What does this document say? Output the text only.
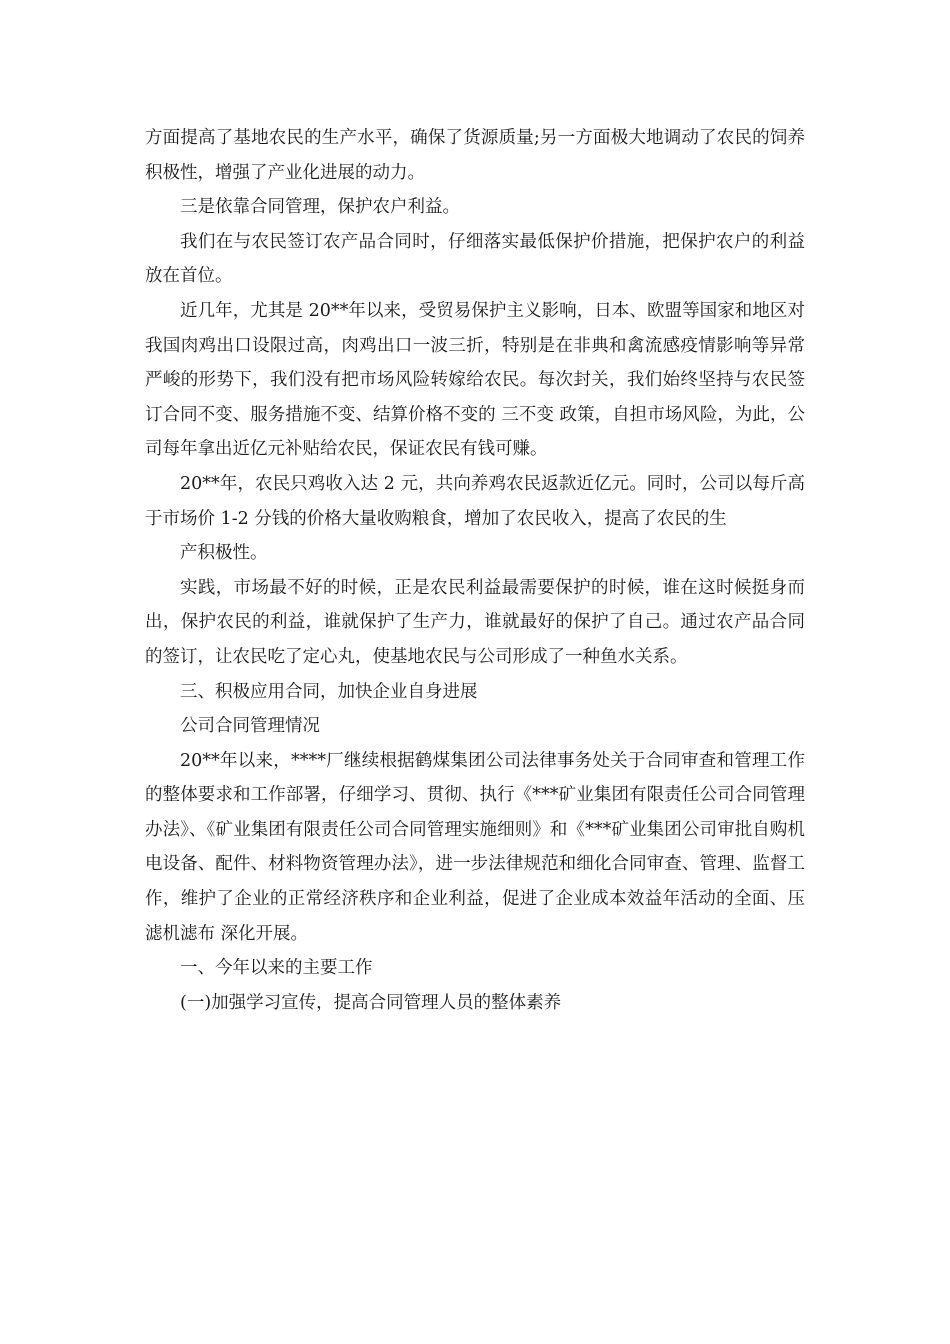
方面提高了基地农民的生产水平，确保了货源质量;另一方面极大地调动了农民的饲养积极性，增强了产业化进展的动力。

三是依靠合同管理，保护农户利益。

我们在与农民签订农产品合同时，仔细落实最低保护价措施，把保护农户的利益放在首位。

近几年，尤其是 20**年以来，受贸易保护主义影响，日本、欧盟等国家和地区对我国肉鸡出口设限过高，肉鸡出口一波三折，特别是在非典和禽流感疫情影响等异常严峻的形势下，我们没有把市场风险转嫁给农民。每次封关，我们始终坚持与农民签订合同不变、服务措施不变、结算价格不变的 三不变 政策，自担市场风险，为此，公司每年拿出近亿元补贴给农民，保证农民有钱可赚。

20**年，农民只鸡收入达 2 元，共向养鸡农民返款近亿元。同时，公司以每斤高于市场价 1-2 分钱的价格大量收购粮食，增加了农民收入，提高了农民的生

产积极性。

实践，市场最不好的时候，正是农民利益最需要保护的时候，谁在这时候挺身而出，保护农民的利益，谁就保护了生产力，谁就最好的保护了自己。通过农产品合同的签订，让农民吃了定心丸，使基地农民与公司形成了一种鱼水关系。

三、积极应用合同，加快企业自身进展

公司合同管理情况

20**年以来，****厂继续根据鹤煤集团公司法律事务处关于合同审查和管理工作的整体要求和工作部署，仔细学习、贯彻、执行《***矿业集团有限责任公司合同管理办法》、《矿业集团有限责任公司合同管理实施细则》和《***矿业集团公司审批自购机电设备、配件、材料物资管理办法》，进一步法律规范和细化合同审查、管理、监督工作，维护了企业的正常经济秩序和企业利益，促进了企业成本效益年活动的全面、压滤机滤布 深化开展。

一、今年以来的主要工作

(一)加强学习宣传，提高合同管理人员的整体素养
